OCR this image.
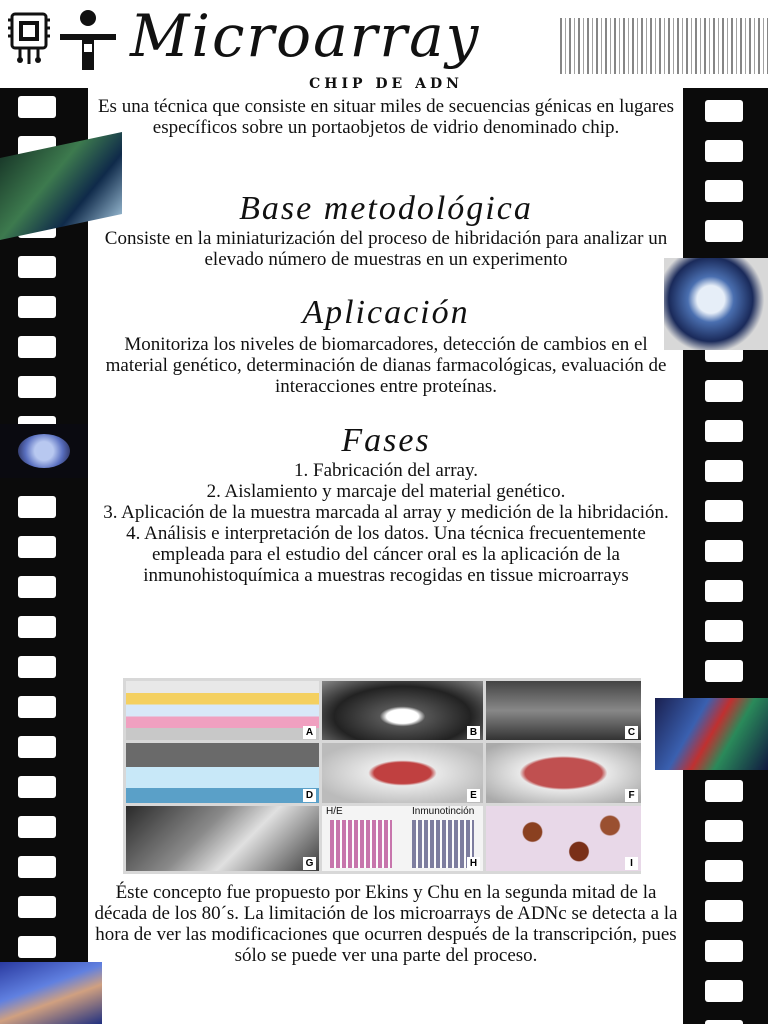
Microarray
CHIP DE ADN
Es una técnica que consiste en situar miles de secuencias génicas en lugares específicos sobre un portaobjetos de vidrio denominado chip.
Base metodológica
Consiste en la miniaturización del proceso de hibridación para analizar un elevado número de muestras en un experimento
Aplicación
Monitoriza los niveles de biomarcadores, detección de cambios en el material genético, determinación de dianas farmacológicas, evaluación de interacciones entre proteínas.
Fases
1. Fabricación del array.
2. Aislamiento y marcaje del material genético.
3. Aplicación de la muestra marcada al array y medición de la hibridación.
4. Análisis e interpretación de los datos. Una técnica frecuentemente empleada para el estudio del cáncer oral es la aplicación de la inmunohistoquímica a muestras recogidas en tissue microarrays
A	B	C
D	E	F
G
H/E	Inmunotinción
H	I
Éste concepto fue propuesto por Ekins y Chu en la segunda mitad de la década de los 80´s. La limitación de los microarrays de ADNc se detecta a la hora de ver las modificaciones que ocurren después de la transcripción, pues sólo se puede ver una parte del proceso.
